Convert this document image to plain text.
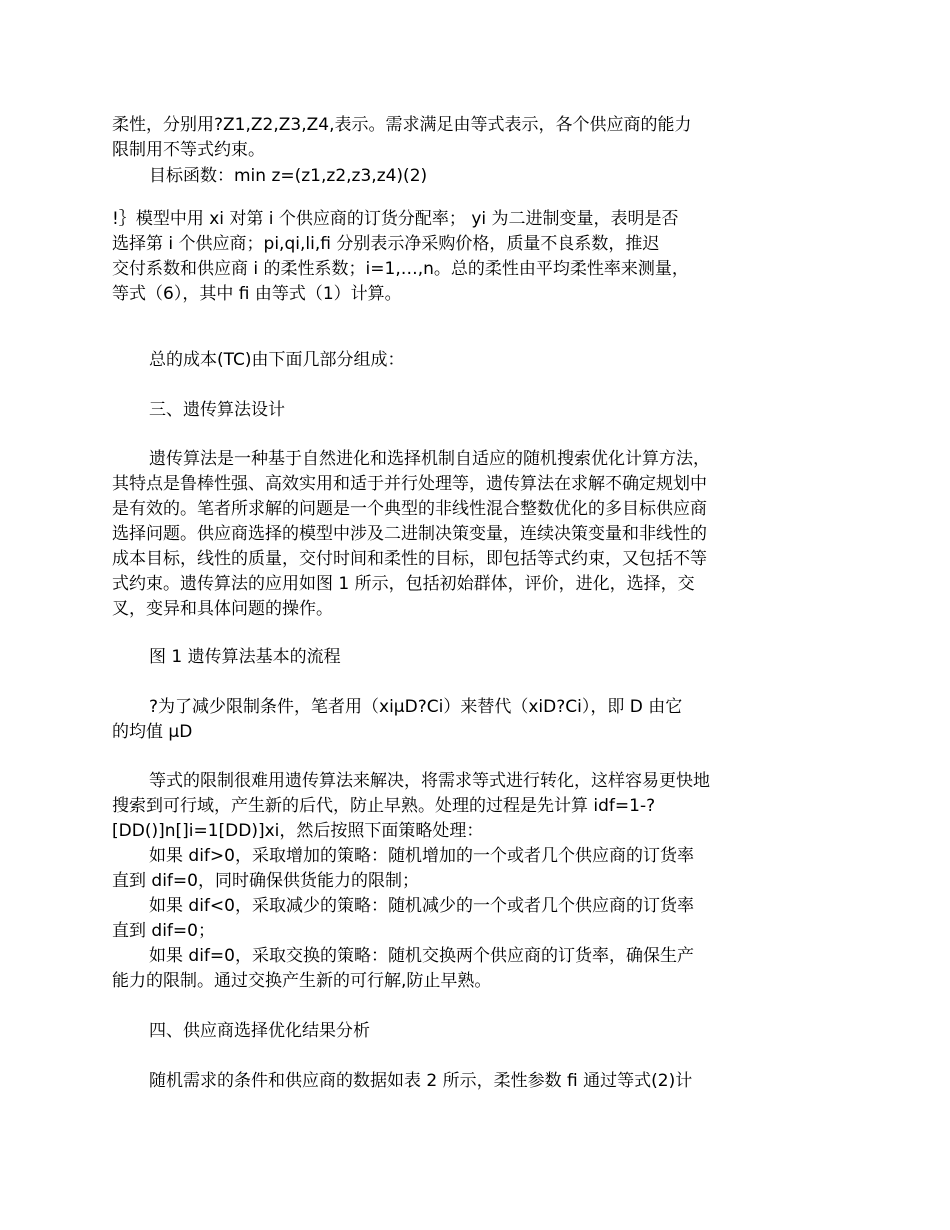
柔性，分别用?Z1,Z2,Z3,Z4,表示。需求满足由等式表示，各个供应商的能力
限制用不等式约束。
目标函数：min z=(z1,z2,z3,z4)(2)
!｝模型中用 xi 对第 i 个供应商的订货分配率； yi 为二进制变量，表明是否
选择第 i 个供应商；pi,qi,li,fi 分别表示净采购价格，质量不良系数，推迟
交付系数和供应商 i 的柔性系数；i=1,…,n。总的柔性由平均柔性率来测量，
等式（6），其中 fi 由等式（1）计算。
总的成本(TC)由下面几部分组成：
三、遗传算法设计
遗传算法是一种基于自然进化和选择机制自适应的随机搜索优化计算方法，
其特点是鲁棒性强、高效实用和适于并行处理等，遗传算法在求解不确定规划中
是有效的。笔者所求解的问题是一个典型的非线性混合整数优化的多目标供应商
选择问题。供应商选择的模型中涉及二进制决策变量，连续决策变量和非线性的
成本目标，线性的质量，交付时间和柔性的目标，即包括等式约束，又包括不等
式约束。遗传算法的应用如图 1 所示，包括初始群体，评价，进化，选择，交
叉，变异和具体问题的操作。
图 1 遗传算法基本的流程
?为了减少限制条件，笔者用（xiμD?Ci）来替代（xiD?Ci），即 D 由它
的均值 μD
等式的限制很难用遗传算法来解决，将需求等式进行转化，这样容易更快地
搜索到可行域，产生新的后代，防止早熟。处理的过程是先计算 idf=1-?
[DD()]n[]i=1[DD)]xi，然后按照下面策略处理：
如果 dif>0，采取增加的策略：随机增加的一个或者几个供应商的订货率
直到 dif=0，同时确保供货能力的限制；
如果 dif<0，采取减少的策略：随机减少的一个或者几个供应商的订货率
直到 dif=0；
如果 dif=0，采取交换的策略：随机交换两个供应商的订货率，确保生产
能力的限制。通过交换产生新的可行解,防止早熟。
四、供应商选择优化结果分析
随机需求的条件和供应商的数据如表 2 所示，柔性参数 fi 通过等式(2)计
